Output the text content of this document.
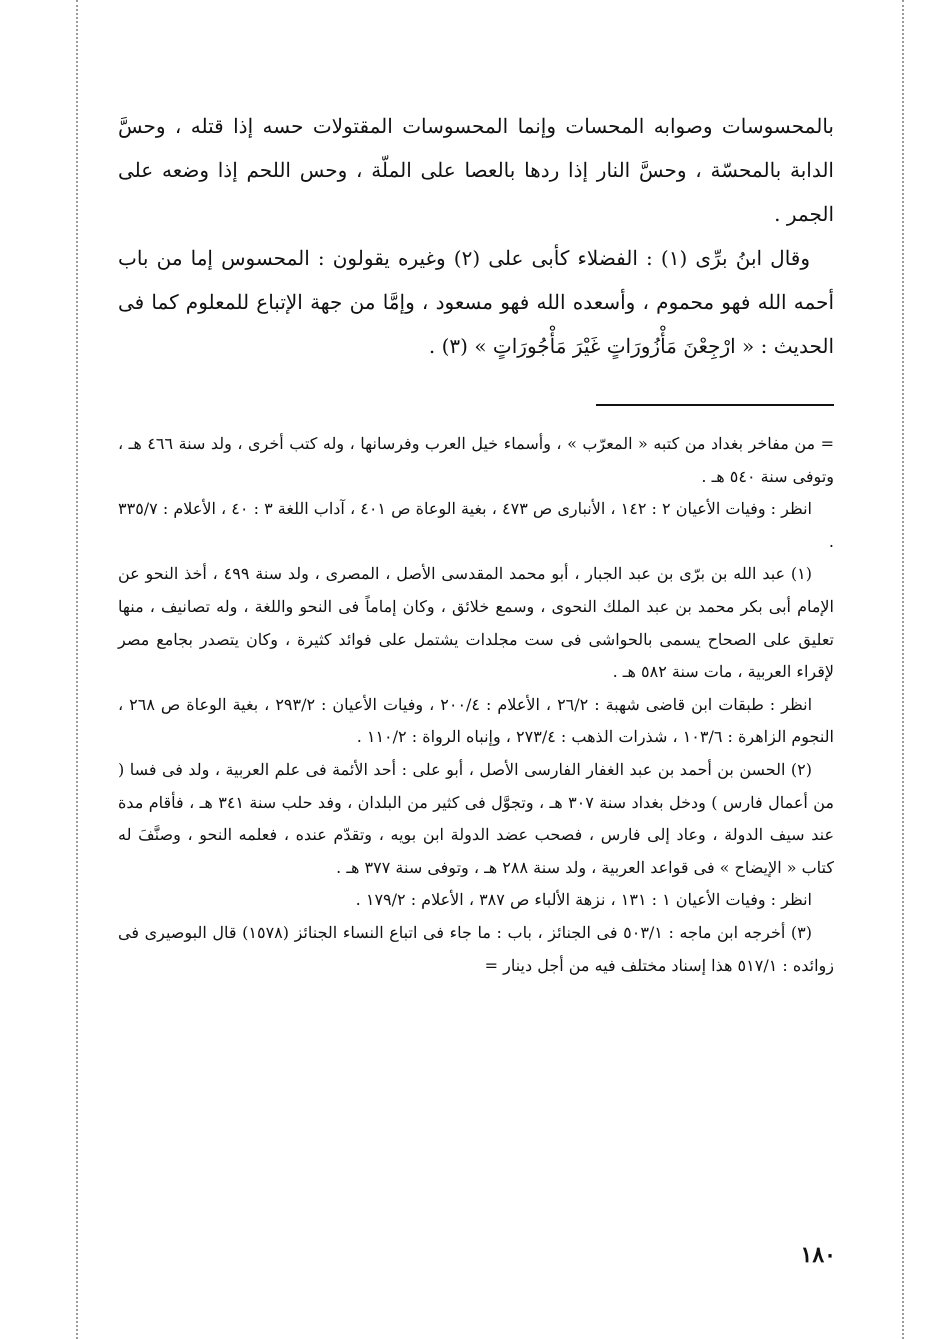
بالمحسوسات وصوابه المحسات وإنما المحسوسات المقتولات حسه إذا قتله ، وحسَّ الدابة بالمحسّة ، وحسَّ النار إذا ردها بالعصا على الملّة ، وحس اللحم إذا وضعه على الجمر .

وقال ابنُ برِّى (١) : الفضلاء كأبى على (٢) وغيره يقولون : المحسوس إما من باب أحمه الله فهو محموم ، وأسعده الله فهو مسعود ، وإمَّا من جهة الإتباع للمعلوم كما فى الحديث : « ارْجِعْنَ مَأْزُورَاتٍ غَيْرَ مَأْجُورَاتٍ » (٣) .

= من مفاخر بغداد من كتبه « المعرّب » ، وأسماء خيل العرب وفرسانها ، وله كتب أخرى ، ولد سنة ٤٦٦ هـ ، وتوفى سنة ٥٤٠ هـ .

انظر : وفيات الأعيان ٢ : ١٤٢ ، الأنبارى ص ٤٧٣ ، بغية الوعاة ص ٤٠١ ، آداب اللغة ٣ : ٤٠ ، الأعلام : ٣٣٥/٧ .

(١) عبد الله بن برّى بن عبد الجبار ، أبو محمد المقدسى الأصل ، المصرى ، ولد سنة ٤٩٩ ، أخذ النحو عن الإمام أبى بكر محمد بن عبد الملك النحوى ، وسمع خلائق ، وكان إماماً فى النحو واللغة ، وله تصانيف ، منها تعليق على الصحاح يسمى بالحواشى فى ست مجلدات يشتمل على فوائد كثيرة ، وكان يتصدر بجامع مصر لإقراء العربية ، مات سنة ٥٨٢ هـ .

انظر : طبقات ابن قاضى شهبة : ٢٦/٢ ، الأعلام : ٢٠٠/٤ ، وفيات الأعيان : ٢٩٣/٢ ، بغية الوعاة ص ٢٦٨ ، النجوم الزاهرة : ١٠٣/٦ ، شذرات الذهب : ٢٧٣/٤ ، وإنباه الرواة : ١١٠/٢ .

(٢) الحسن بن أحمد بن عبد الغفار الفارسى الأصل ، أبو على : أحد الأئمة فى علم العربية ، ولد فى فسا ( من أعمال فارس ) ودخل بغداد سنة ٣٠٧ هـ ، وتجوَّل فى كثير من البلدان ، وفد حلب سنة ٣٤١ هـ ، فأقام مدة عند سيف الدولة ، وعاد إلى فارس ، فصحب عضد الدولة ابن بويه ، وتقدّم عنده ، فعلمه النحو ، وصنَّفَ له كتاب « الإيضاح » فى قواعد العربية ، ولد سنة ٢٨٨ هـ ، وتوفى سنة ٣٧٧ هـ .

انظر : وفيات الأعيان ١ : ١٣١ ، نزهة الألباء ص ٣٨٧ ، الأعلام : ١٧٩/٢ .

(٣) أخرجه ابن ماجه : ٥٠٣/١ فى الجنائز ، باب : ما جاء فى اتباع النساء الجنائز (١٥٧٨) قال البوصيرى فى زوائده : ٥١٧/١ هذا إسناد مختلف فيه من أجل دينار =

١٨٠
